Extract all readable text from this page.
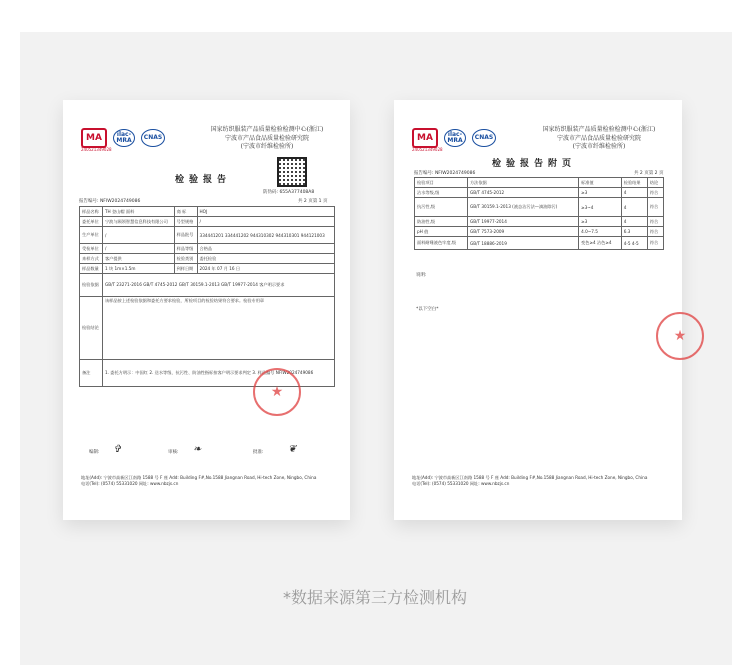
MA	ilac-MRA	CNAS
240521349028
国家纺织服装产品质量检验检测中心(浙江)
宁波市产品食品质量检验研究院
(宁波市纤维检验所)
检验报告
防伪码: 655A377408A8
报告编号: NFIW2024749086	共 2 页第 1 页
样品名称	TH 登山帽 面料	商 标	HOJ
委托单位	宁波与顾领智慧信息科技有限公司	号型规格	/
生产单位	/	样品批号	334441201 334441202 944310302 944310301 944121003
受检单位	/	样品等级	合格品
来样方式	客户提供	检验类别	委托检验
样品数量	1 块 1m×1.5m	到样日期	2024 年 07 月 16 日
检验依据	GB/T 23271-2016 GB/T 4745-2012 GB/T 30159.1-2013 GB/T 19977-2014 客户明示要求		
检验结论	该样品按上述检验依据和委托方要求检验，所检项目的检验结果符合要求。检验专用章		
备注	1. 委托方明示：中国红 2. 送水等级、抗污性、防油性指标按客户明示要求判定 3. 样品编号 NFIW2024749086		
★
编制: ✞	审核: ❧	批准: ❦
地址(Add): 宁波市高新区江南路 1588 号 F 座 Add: Building F#,No.1588 Jiangnan Road, Hi-tech Zone, Ningbo, China
电话(Tel): (0574) 55331020 网址: www.nbzjs.cn
MA	ilac-MRA	CNAS
240521349028
国家纺织服装产品质量检验检测中心(浙江)
宁波市产品食品质量检验研究院
(宁波市纤维检验所)
检验报告附页
报告编号: NFIW2024749086	共 2 页第 2 页
检验项目	方法依据	标准值	检验结果	结论
沾水等级,级	GB/T 4745-2012	≥3	4	符合
抗污性,级	GB/T 30159.1-2013 (液态沾污法—滴油除污)	≥3~4	4	符合
防油性,级	GB/T 19977-2014	≥3	4	符合
pH 值	GB/T 7573-2009	4.0~7.5	6.3	符合
面料耐唾液色牢度,级	GB/T 18886-2019	变色≥4 沾色≥4	4-5 4-5	符合
说明:
*以下空白*
★
地址(Add): 宁波市高新区江南路 1588 号 F 座 Add: Building F#,No.1588 Jiangnan Road, Hi-tech Zone, Ningbo, China
电话(Tel): (0574) 55331020 网址: www.nbzjs.cn
*数据来源第三方检测机构
